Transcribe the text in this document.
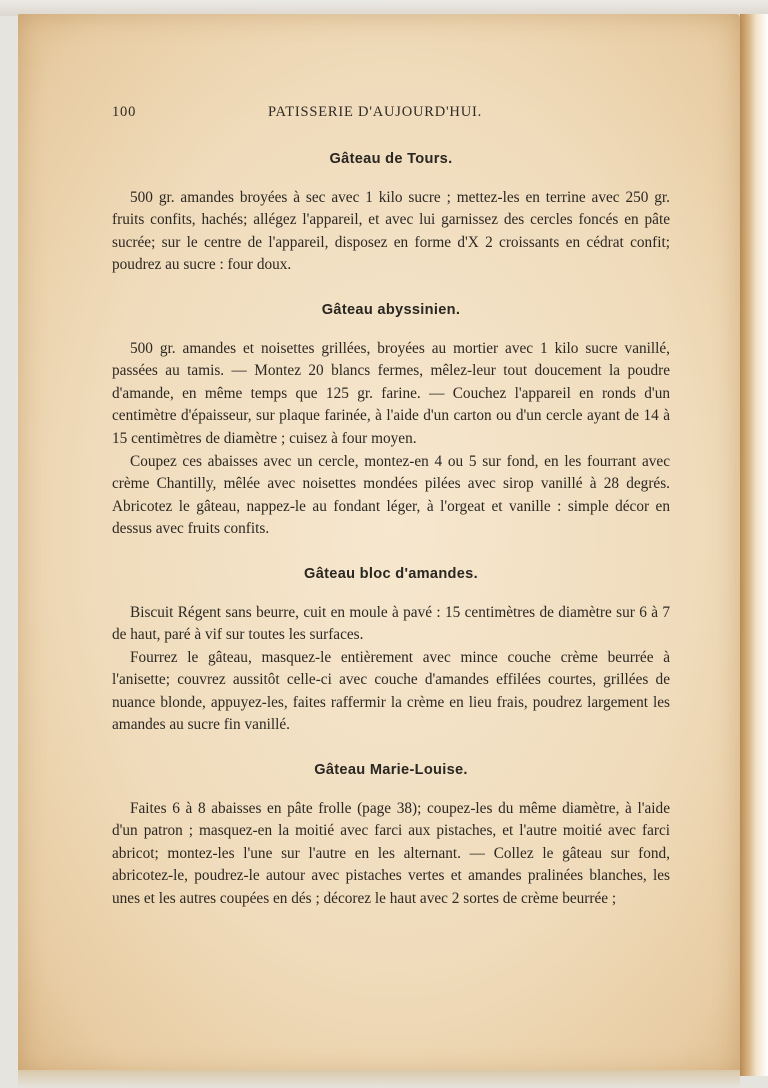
100	PATISSERIE D'AUJOURD'HUI.
Gâteau de Tours.

500 gr. amandes broyées à sec avec 1 kilo sucre ; mettez-les en terrine avec 250 gr. fruits confits, hachés; allégez l'appareil, et avec lui garnissez des cercles foncés en pâte sucrée; sur le centre de l'appareil, disposez en forme d'X 2 croissants en cédrat confit; poudrez au sucre : four doux.

Gâteau abyssinien.

500 gr. amandes et noisettes grillées, broyées au mortier avec 1 kilo sucre vanillé, passées au tamis. — Montez 20 blancs fermes, mêlez-leur tout doucement la poudre d'amande, en même temps que 125 gr. farine. — Couchez l'appareil en ronds d'un centimètre d'épaisseur, sur plaque farinée, à l'aide d'un carton ou d'un cercle ayant de 14 à 15 centimètres de diamètre ; cuisez à four moyen.

Coupez ces abaisses avec un cercle, montez-en 4 ou 5 sur fond, en les fourrant avec crème Chantilly, mêlée avec noisettes mondées pilées avec sirop vanillé à 28 degrés. Abricotez le gâteau, nappez-le au fondant léger, à l'orgeat et vanille : simple décor en dessus avec fruits confits.

Gâteau bloc d'amandes.

Biscuit Régent sans beurre, cuit en moule à pavé : 15 centimètres de diamètre sur 6 à 7 de haut, paré à vif sur toutes les surfaces.

Fourrez le gâteau, masquez-le entièrement avec mince couche crème beurrée à l'anisette; couvrez aussitôt celle-ci avec couche d'amandes effilées courtes, grillées de nuance blonde, appuyez-les, faites raffermir la crème en lieu frais, poudrez largement les amandes au sucre fin vanillé.

Gâteau Marie-Louise.

Faites 6 à 8 abaisses en pâte frolle (page 38); coupez-les du même diamètre, à l'aide d'un patron ; masquez-en la moitié avec farci aux pistaches, et l'autre moitié avec farci abricot; montez-les l'une sur l'autre en les alternant. — Collez le gâteau sur fond, abricotez-le, poudrez-le autour avec pistaches vertes et amandes pralinées blanches, les unes et les autres coupées en dés ; décorez le haut avec 2 sortes de crème beurrée ;
